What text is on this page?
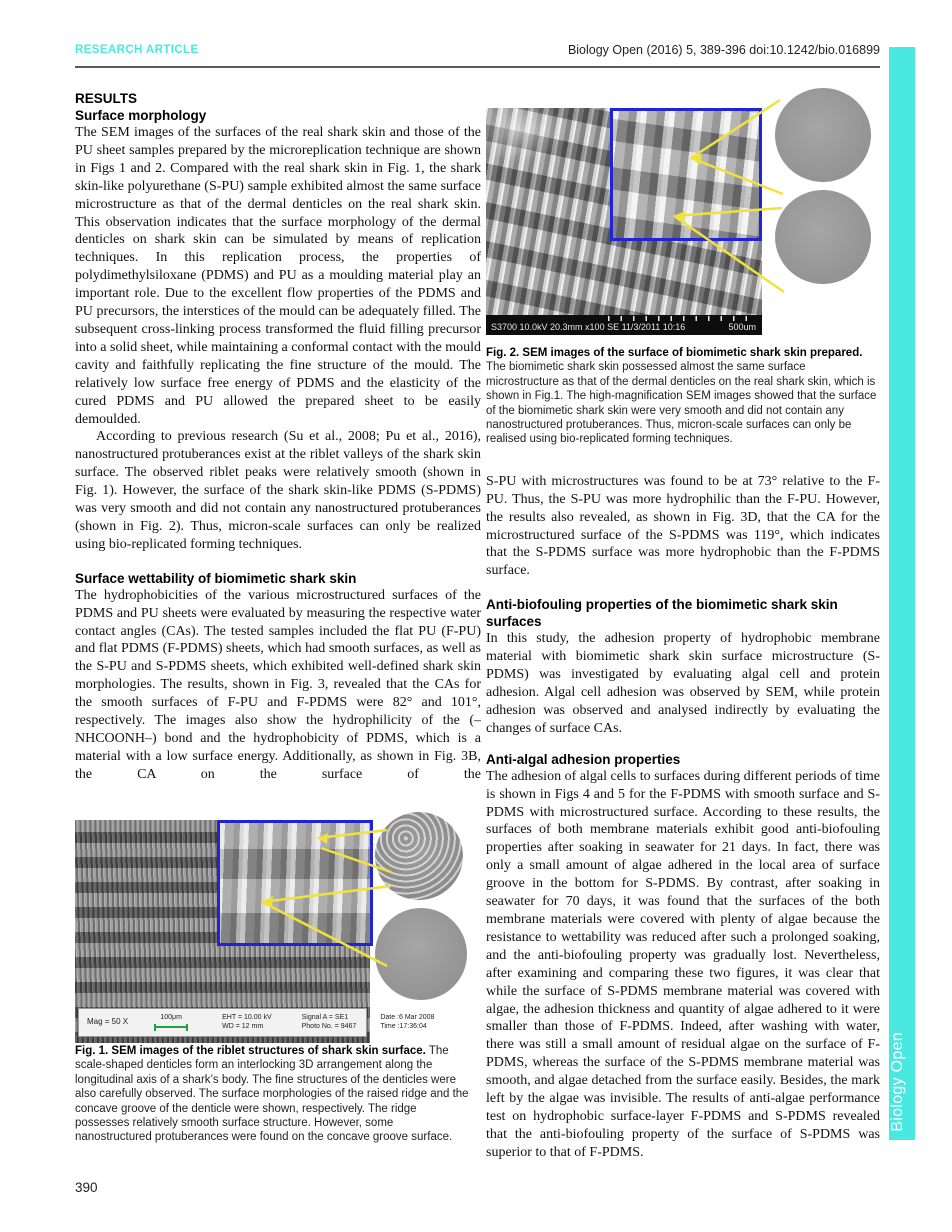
RESEARCH ARTICLE	Biology Open (2016) 5, 389-396 doi:10.1242/bio.016899
Biology Open
RESULTS
Surface morphology

The SEM images of the surfaces of the real shark skin and those of the PU sheet samples prepared by the microreplication technique are shown in Figs 1 and 2. Compared with the real shark skin in Fig. 1, the shark skin-like polyurethane (S-PU) sample exhibited almost the same surface microstructure as that of the dermal denticles on the real shark skin. This observation indicates that the surface morphology of the dermal denticles on shark skin can be simulated by means of replication techniques. In this replication process, the properties of polydimethylsiloxane (PDMS) and PU as a moulding material play an important role. Due to the excellent flow properties of the PDMS and PU precursors, the interstices of the mould can be adequately filled. The subsequent cross-linking process transformed the fluid filling precursor into a solid sheet, while maintaining a conformal contact with the mould cavity and faithfully replicating the fine structure of the mould. The relatively low surface free energy of PDMS and the elasticity of the cured PDMS and PU allowed the prepared sheet to be easily demoulded.

According to previous research (Su et al., 2008; Pu et al., 2016), nanostructured protuberances exist at the riblet valleys of the shark skin surface. The observed riblet peaks were relatively smooth (shown in Fig. 1). However, the surface of the shark skin-like PDMS (S-PDMS) was very smooth and did not contain any nanostructured protuberances (shown in Fig. 2). Thus, micron-scale surfaces can only be realized using bio-replicated forming techniques.

Surface wettability of biomimetic shark skin

The hydrophobicities of the various microstructured surfaces of the PDMS and PU sheets were evaluated by measuring the respective water contact angles (CAs). The tested samples included the flat PU (F-PU) and flat PDMS (F-PDMS) sheets, which had smooth surfaces, as well as the S-PU and S-PDMS sheets, which exhibited well-defined shark skin morphologies. The results, shown in Fig. 3, revealed that the CAs for the smooth surfaces of F-PU and F-PDMS were 82° and 101°, respectively. The images also show the hydrophilicity of the (–NHCOONH–) bond and the hydrophobicity of PDMS, which is a material with a low surface energy. Additionally, as shown in Fig. 3B, the CA on the surface of the

Mag = 50 X	100μm	EHT = 10.00 kV
WD = 12 mm
Signal A = SE1
Photo No. = 9467
Date :6 Mar 2008
Time :17:36:04
Fig. 1. SEM images of the riblet structures of shark skin surface. The scale-shaped denticles form an interlocking 3D arrangement along the longitudinal axis of a shark’s body. The fine structures of the denticles were also carefully observed. The surface morphologies of the raised ridge and the concave groove of the denticle were shown, respectively. The ridge possesses relatively smooth surface structure. However, some nanostructured protuberances were found on the concave groove surface.
390
S3700 10.0kV 20.3mm x100 SE 11/3/2011 10:16	500um
Fig. 2. SEM images of the surface of biomimetic shark skin prepared. The biomimetic shark skin possessed almost the same surface microstructure as that of the dermal denticles on the real shark skin, which is shown in Fig.1. The high-magnification SEM images showed that the surface of the biomimetic shark skin were very smooth and did not contain any nanostructured protuberances. Thus, micron-scale surfaces can only be realised using bio-replicated forming techniques.

S-PU with microstructures was found to be at 73° relative to the F-PU. Thus, the S-PU was more hydrophilic than the F-PU. However, the results also revealed, as shown in Fig. 3D, that the CA for the microstructured surface of the S-PDMS was 119°, which indicates that the S-PDMS surface was more hydrophobic than the F-PDMS surface.

Anti-biofouling properties of the biomimetic shark skin surfaces

In this study, the adhesion property of hydrophobic membrane material with biomimetic shark skin surface microstructure (S-PDMS) was investigated by evaluating algal cell and protein adhesion. Algal cell adhesion was observed by SEM, while protein adhesion was observed and analysed indirectly by evaluating the changes of surface CAs.

Anti-algal adhesion properties

The adhesion of algal cells to surfaces during different periods of time is shown in Figs 4 and 5 for the F-PDMS with smooth surface and S-PDMS with microstructured surface. According to these results, the surfaces of both membrane materials exhibit good anti-biofouling properties after soaking in seawater for 21 days. In fact, there was only a small amount of algae adhered in the local area of surface groove in the bottom for S-PDMS. By contrast, after soaking in seawater for 70 days, it was found that the surfaces of the both membrane materials were covered with plenty of algae because the resistance to wettability was reduced after such a prolonged soaking, and the anti-biofouling property was gradually lost. Nevertheless, after examining and comparing these two figures, it was clear that while the surface of S-PDMS membrane material was covered with algae, the adhesion thickness and quantity of algae adhered to it were smaller than those of F-PDMS. Indeed, after washing with water, there was still a small amount of residual algae on the surface of F-PDMS, whereas the surface of the S-PDMS membrane material was smooth, and algae detached from the surface easily. Besides, the mark left by the algae was invisible. The results of anti-algae performance test on hydrophobic surface-layer F-PDMS and S-PDMS revealed that the anti-biofouling property of the surface of S-PDMS was superior to that of F-PDMS.
